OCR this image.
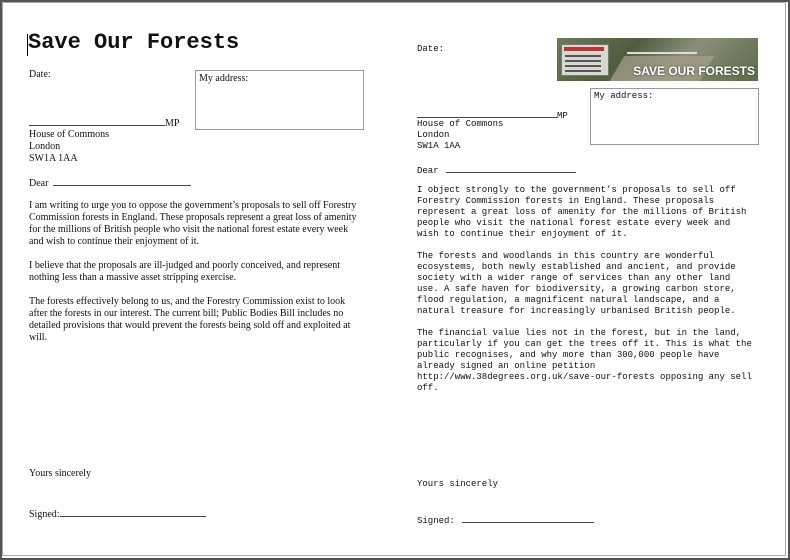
Save Our Forests
Date:	My address:
MP
House of Commons
London
SW1A 1AA
Dear

I am writing to urge you to oppose the government’s proposals to sell off Forestry Commission forests in England. These proposals represent a great loss of amenity for the millions of British people who visit the national forest estate every week and wish to continue their enjoyment of it.

I believe that the proposals are ill-judged and poorly conceived, and represent nothing less than a massive asset stripping exercise.

The forests effectively belong to us, and the Forestry Commission exist to look after the forests in our interest. The current bill; Public Bodies Bill includes no detailed provisions that would prevent the forests being sold off and exploited at will.

Yours sincerely
Signed:
Date:
SAVE OUR FORESTS
My address:
MP
House of Commons
London
SW1A 1AA
Dear

I object strongly to the government’s proposals to sell off Forestry Commission forests in England. These proposals represent a great loss of amenity for the millions of British people who visit the national forest estate every week and wish to continue their enjoyment of it.

The forests and woodlands in this country are wonderful ecosystems, both newly established and ancient, and provide society with a wider range of services than any other land use. A safe haven for biodiversity, a growing carbon store, flood regulation, a magnificent natural landscape, and a natural treasure for increasingly urbanised British people.

The financial value lies not in the forest, but in the land, particularly if you can get the trees off it. This is what the public recognises, and why more than 300,000 people have already signed an online petition http://www.38degrees.org.uk/save-our-forests opposing any sell off.

Yours sincerely
Signed:
